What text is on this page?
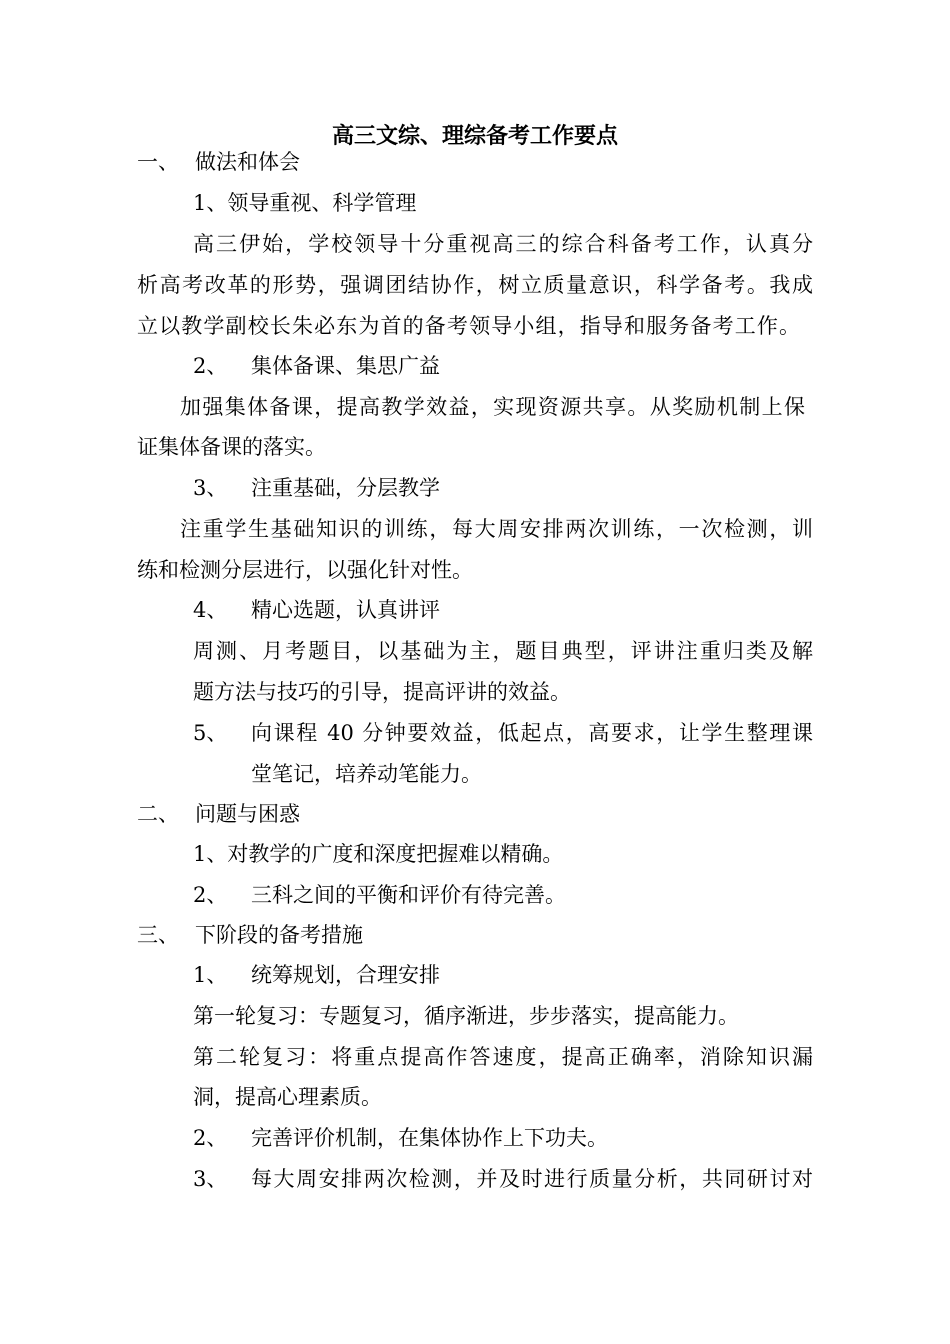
高三文综、理综备考工作要点
一、 做法和体会
1、领导重视、科学管理
高三伊始，学校领导十分重视高三的综合科备考工作，认真分
析高考改革的形势，强调团结协作，树立质量意识，科学备考。我成
立以教学副校长朱必东为首的备考领导小组，指导和服务备考工作。
2、 集体备课、集思广益
加强集体备课，提高教学效益，实现资源共享。从奖励机制上保
证集体备课的落实。
3、 注重基础，分层教学
注重学生基础知识的训练，每大周安排两次训练，一次检测，训
练和检测分层进行，以强化针对性。
4、 精心选题，认真讲评
周测、月考题目，以基础为主，题目典型，评讲注重归类及解
题方法与技巧的引导，提高评讲的效益。
5、 向课程 40 分钟要效益，低起点，高要求，让学生整理课
堂笔记，培养动笔能力。
二、 问题与困惑
1、对教学的广度和深度把握难以精确。
2、 三科之间的平衡和评价有待完善。
三、 下阶段的备考措施
1、 统筹规划，合理安排
第一轮复习：专题复习，循序渐进，步步落实，提高能力。
第二轮复习：将重点提高作答速度，提高正确率，消除知识漏
洞，提高心理素质。
2、 完善评价机制，在集体协作上下功夫。
3、 每大周安排两次检测，并及时进行质量分析，共同研讨对
